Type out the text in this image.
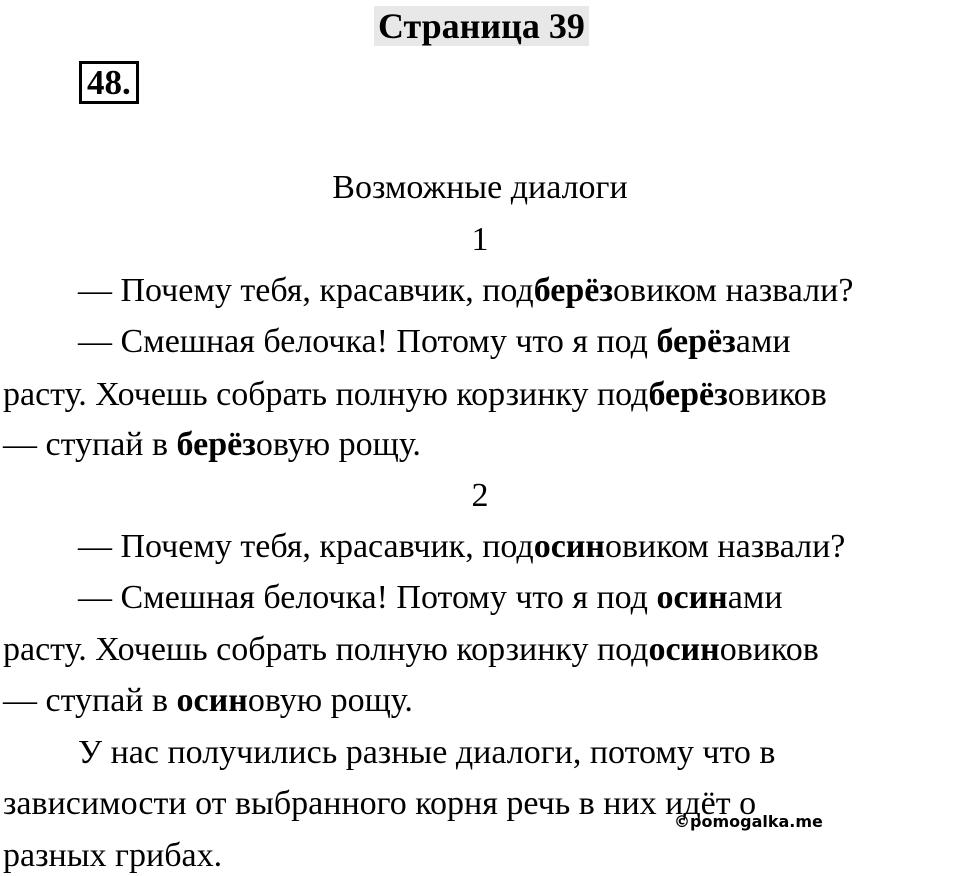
Страница 39
48.
Возможные диалоги
1
— Почему тебя, красавчик, подберёзовиком назвали?
— Смешная белочка! Потому что я под берёзами
расту. Хочешь собрать полную корзинку подберёзовиков
— ступай в берёзовую рощу.
2
— Почему тебя, красавчик, подосиновиком назвали?
— Смешная белочка! Потому что я под осинами
расту. Хочешь собрать полную корзинку подосиновиков
— ступай в осиновую рощу.
У нас получились разные диалоги, потому что в
зависимости от выбранного корня речь в них идёт о
разных грибах.
©pomogalka.me
